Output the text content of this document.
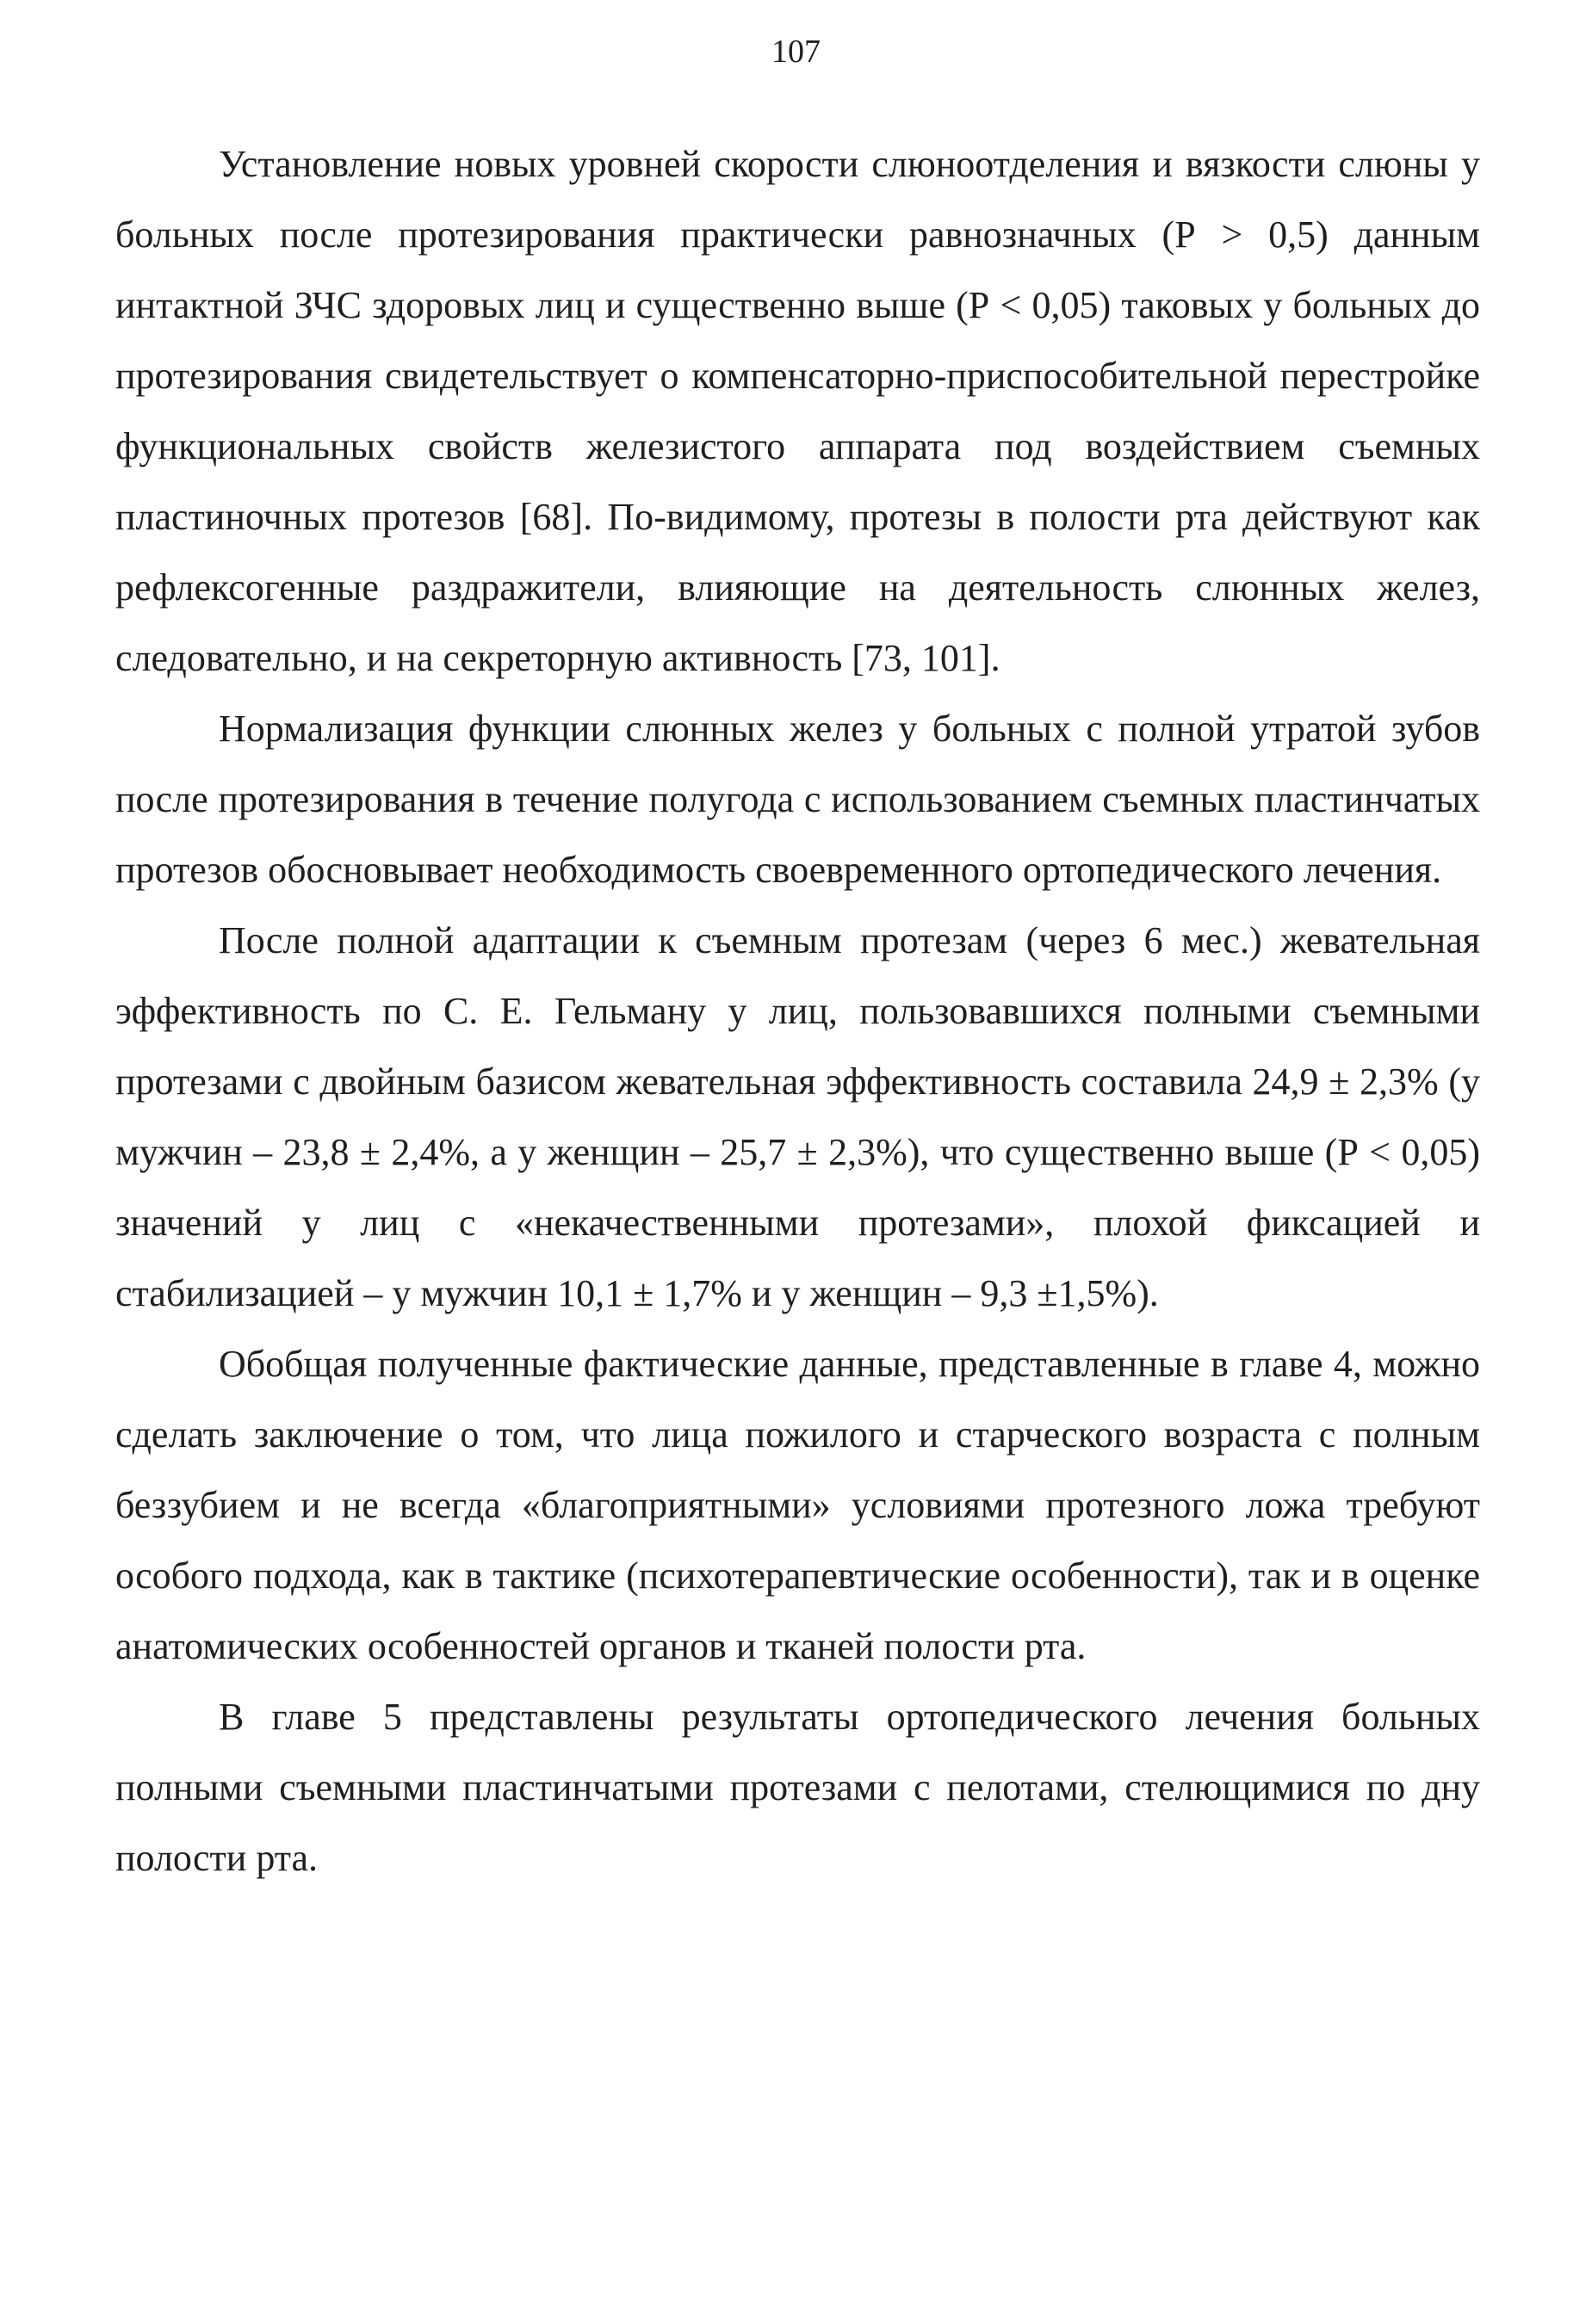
107

Установление новых уровней скорости слюноотделения и вязкости слюны у больных после протезирования практически равнозначных (Р > 0,5) данным интактной ЗЧС здоровых лиц и существенно выше (Р < 0,05) таковых у больных до протезирования свидетельствует о компенсаторно-приспособительной перестройке функциональных свойств железистого аппарата под воздействием съемных пластиночных протезов [68]. По-видимому, протезы в полости рта действуют как рефлексогенные раздражители, влияющие на деятельность слюнных желез, следовательно, и на секреторную активность [73, 101].

Нормализация функции слюнных желез у больных с полной утратой зубов после протезирования в течение полугода с использованием съемных пластинчатых протезов обосновывает необходимость своевременного ортопедического лечения.

После полной адаптации к съемным протезам (через 6 мес.) жевательная эффективность по С. Е. Гельману у лиц, пользовавшихся полными съемными протезами с двойным базисом жевательная эффективность составила 24,9 ± 2,3% (у мужчин – 23,8 ± 2,4%, а у женщин – 25,7 ± 2,3%), что существенно выше (Р < 0,05) значений у лиц с «некачественными протезами», плохой фиксацией и стабилизацией – у мужчин 10,1 ± 1,7% и у женщин – 9,3 ±1,5%).

Обобщая полученные фактические данные, представленные в главе 4, можно сделать заключение о том, что лица пожилого и старческого возраста с полным беззубием и не всегда «благоприятными» условиями протезного ложа требуют особого подхода, как в тактике (психотерапевтические особенности), так и в оценке анатомических особенностей органов и тканей полости рта.

В главе 5 представлены результаты ортопедического лечения больных полными съемными пластинчатыми протезами с пелотами, стелющимися по дну полости рта.
